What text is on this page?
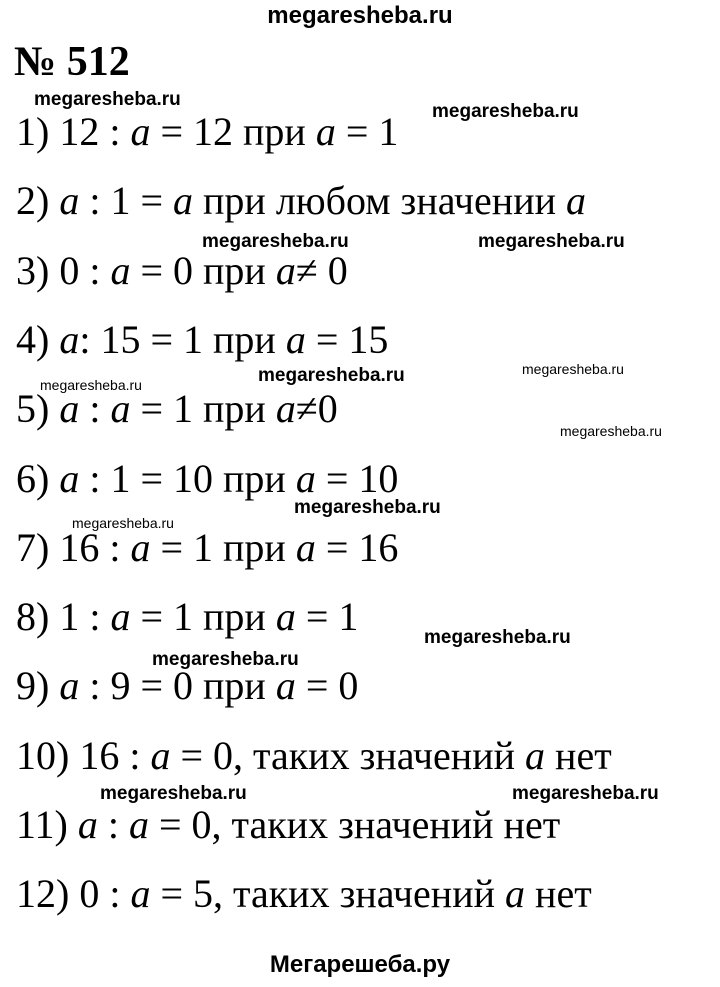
megaresheba.ru
№ 512
1) 12 : a = 12 при a = 1
2) a : 1 = a при любом значении a
3) 0 : a = 0 при a≠ 0
4) a: 15 = 1 при a = 15
5) a : a = 1 при a≠0
6) a : 1 = 10 при a = 10
7) 16 : a = 1 при a = 16
8) 1 : a = 1 при a = 1
9) a : 9 = 0 при a = 0
10) 16 : a = 0, таких значений a нет
11) a : a = 0, таких значений нет
12) 0 : a = 5, таких значений a нет
megaresheba.ru
megaresheba.ru
megaresheba.ru	megaresheba.ru
megaresheba.ru
megaresheba.ru
megaresheba.ru
megaresheba.ru
megaresheba.ru
megaresheba.ru
megaresheba.ru
megaresheba.ru
megaresheba.ru	megaresheba.ru
Мегарешеба.ру
